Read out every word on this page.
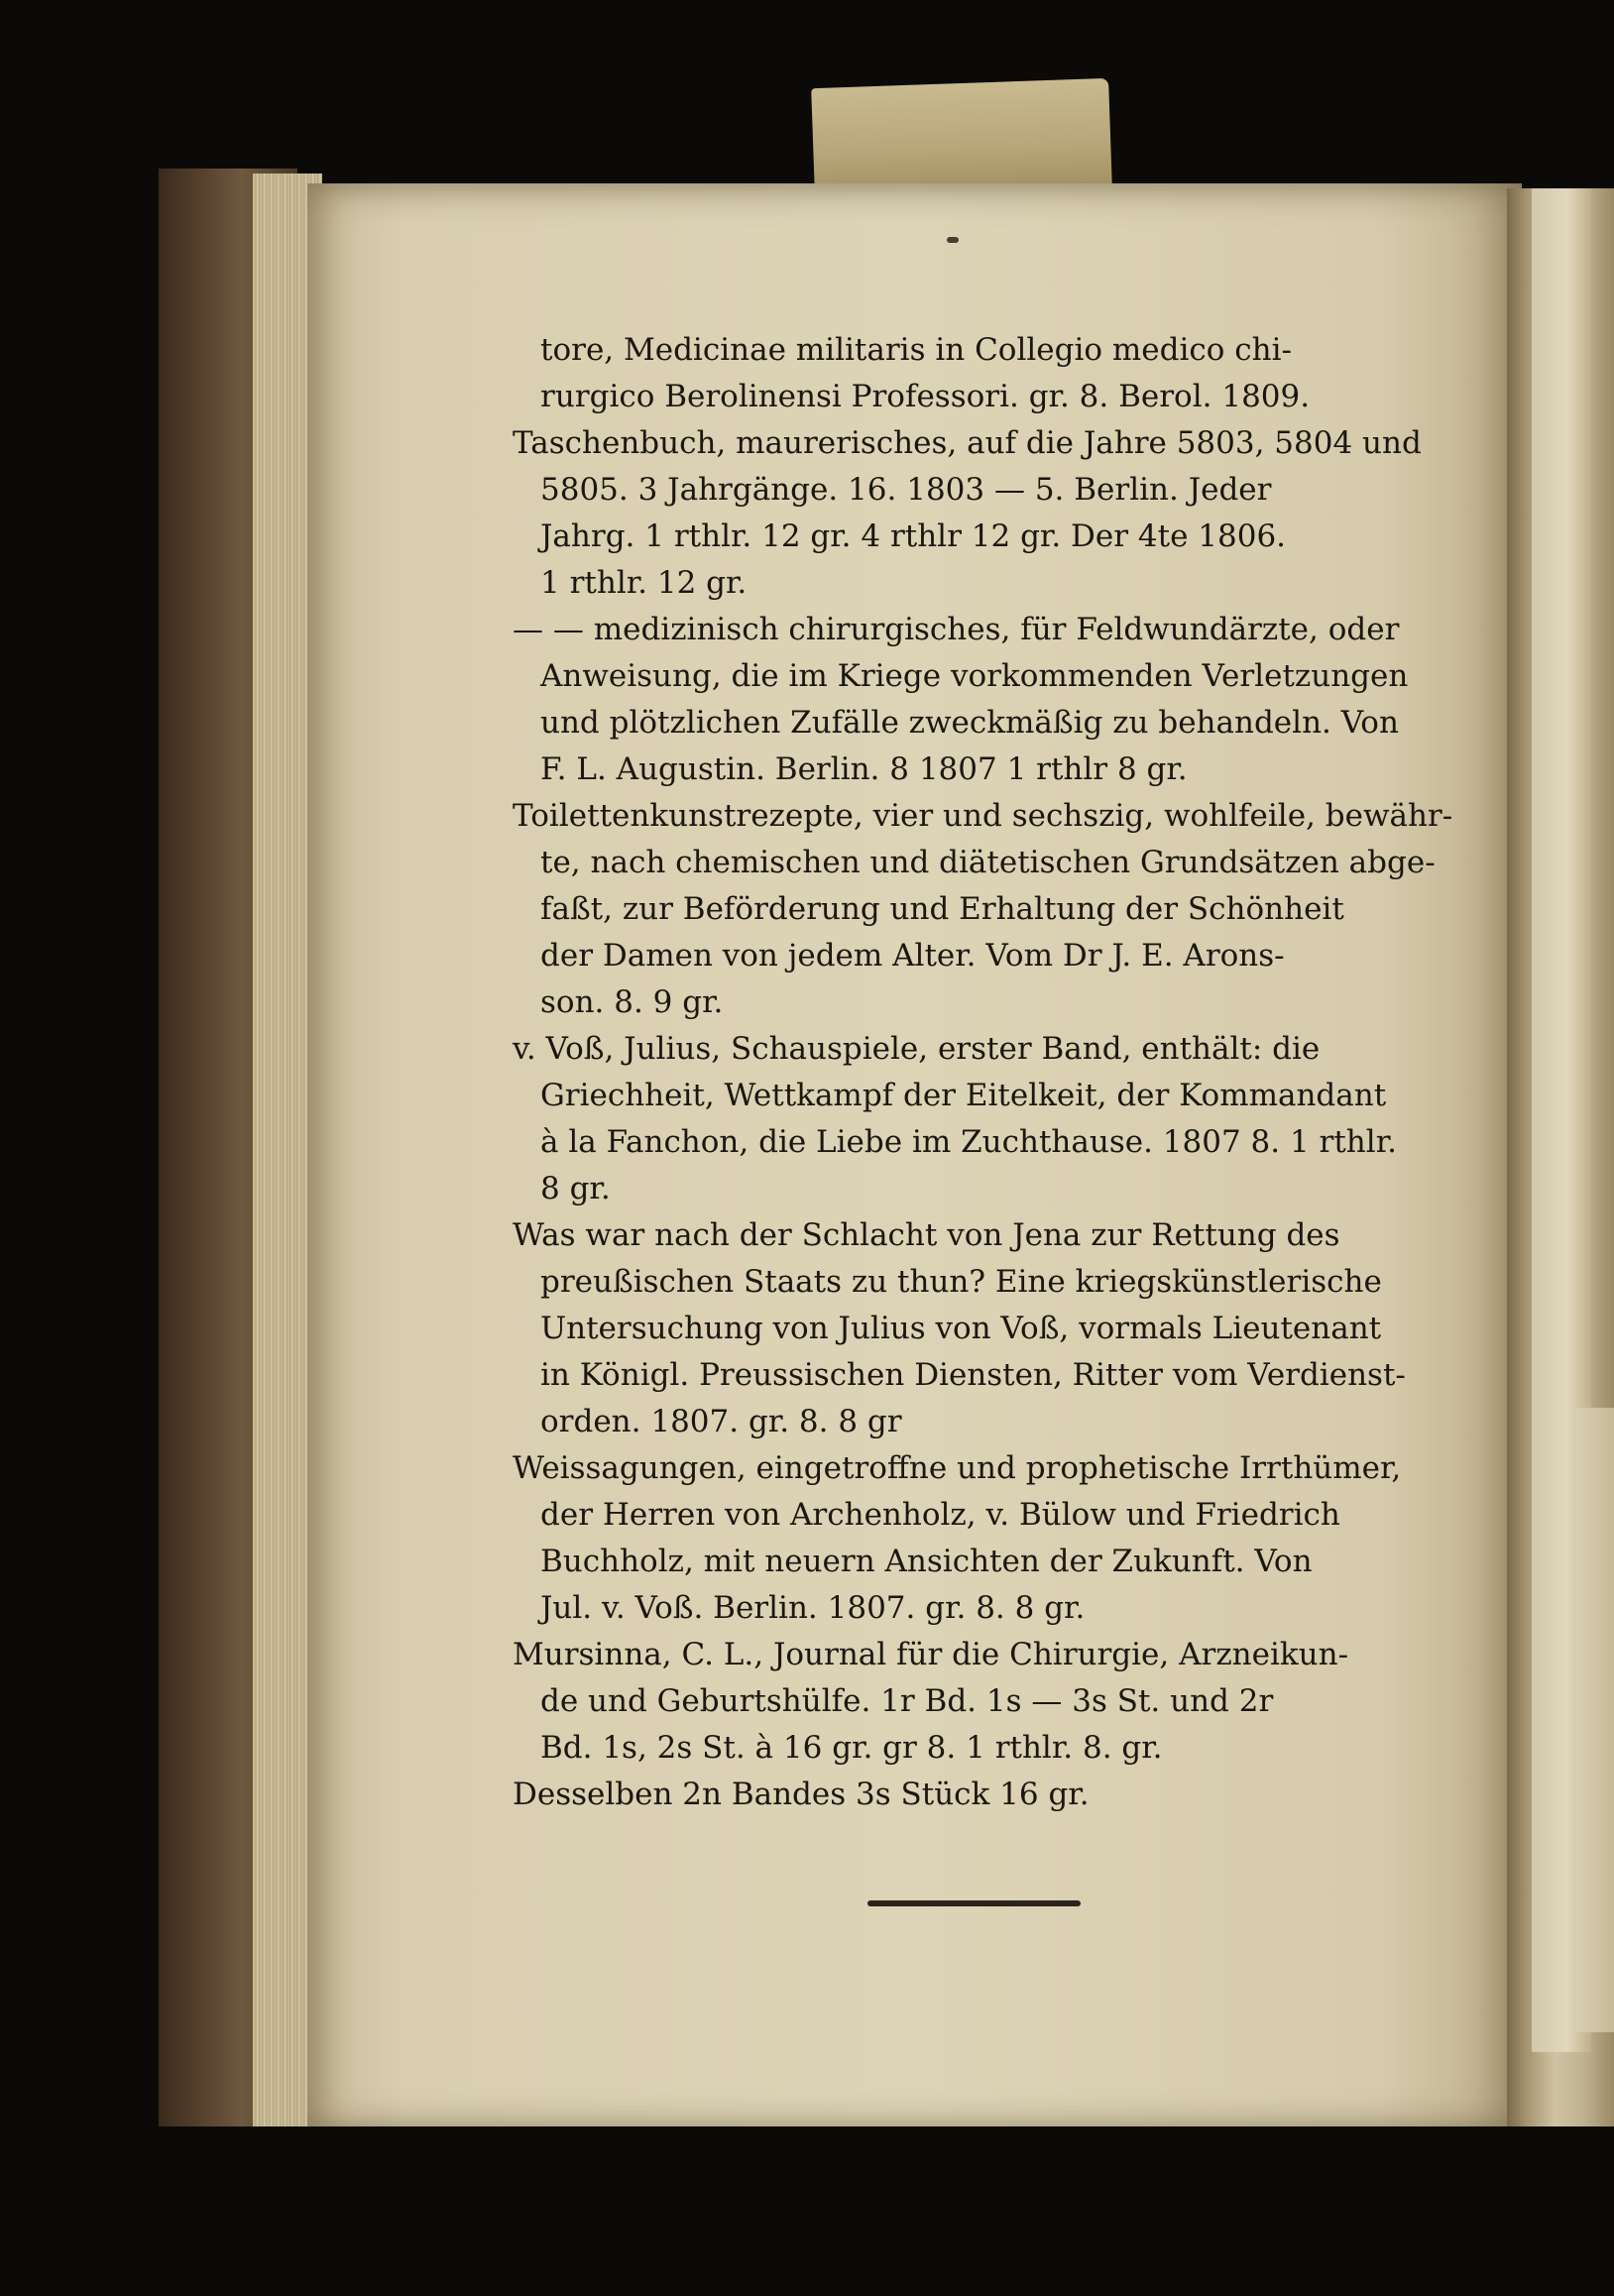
tore, Medicinae militaris in Collegio medico chi-
rurgico Berolinensi Professori. gr. 8. Berol. 1809.
Taschenbuch, maurerisches, auf die Jahre 5803, 5804 und
5805. 3 Jahrgänge. 16. 1803 — 5. Berlin. Jeder
Jahrg. 1 rthlr. 12 gr. 4 rthlr 12 gr. Der 4te 1806.
1 rthlr. 12 gr.
— — medizinisch chirurgisches, für Feldwundärzte, oder
Anweisung, die im Kriege vorkommenden Verletzungen
und plötzlichen Zufälle zweckmäßig zu behandeln. Von
F. L. Augustin. Berlin. 8 1807 1 rthlr 8 gr.
Toilettenkunstrezepte, vier und sechszig, wohlfeile, bewähr-
te, nach chemischen und diätetischen Grundsätzen abge-
faßt, zur Beförderung und Erhaltung der Schönheit
der Damen von jedem Alter. Vom Dr J. E. Arons-
son. 8. 9 gr.
v. Voß, Julius, Schauspiele, erster Band, enthält: die
Griechheit, Wettkampf der Eitelkeit, der Kommandant
à la Fanchon, die Liebe im Zuchthause. 1807 8. 1 rthlr.
8 gr.
Was war nach der Schlacht von Jena zur Rettung des
preußischen Staats zu thun? Eine kriegskünstlerische
Untersuchung von Julius von Voß, vormals Lieutenant
in Königl. Preussischen Diensten, Ritter vom Verdienst-
orden. 1807. gr. 8. 8 gr
Weissagungen, eingetroffne und prophetische Irrthümer,
der Herren von Archenholz, v. Bülow und Friedrich
Buchholz, mit neuern Ansichten der Zukunft. Von
Jul. v. Voß. Berlin. 1807. gr. 8. 8 gr.
Mursinna, C. L., Journal für die Chirurgie, Arzneikun-
de und Geburtshülfe. 1r Bd. 1s — 3s St. und 2r
Bd. 1s, 2s St. à 16 gr. gr 8. 1 rthlr. 8. gr.
Desselben 2n Bandes 3s Stück 16 gr.
